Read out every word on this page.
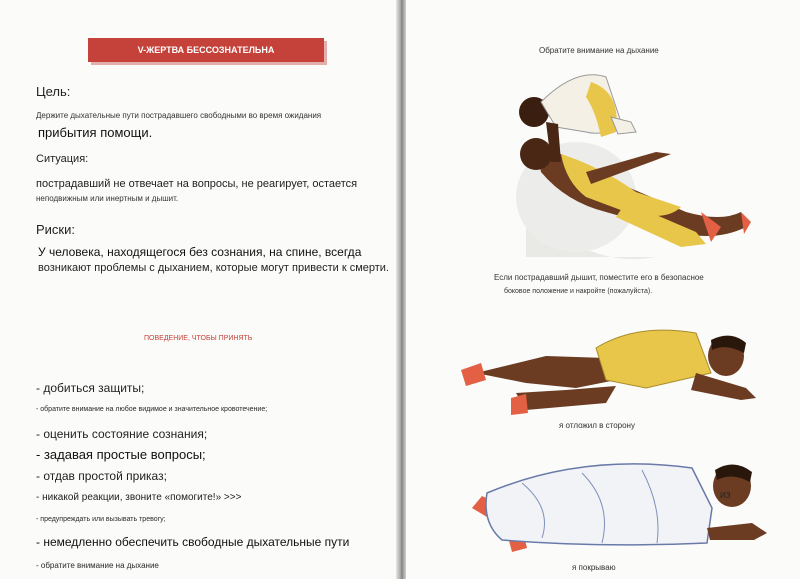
V-ЖЕРТВА БЕССОЗНАТЕЛЬНА
Цель:
Держите дыхательные пути пострадавшего свободными во время ожидания
прибытия помощи.
Ситуация:
пострадавший не отвечает на вопросы, не реагирует, остается
неподвижным или инертным и дышит.
Риски:
У человека, находящегося без сознания, на спине, всегда
возникают проблемы с дыханием, которые могут привести к смерти.
ПОВЕДЕНИЕ, ЧТОБЫ ПРИНЯТЬ
- добиться защиты;
- обратите внимание на любое видимое и значительное кровотечение;
- оценить состояние сознания;
- задавая простые вопросы;
- отдав простой приказ;
- никакой реакции, звоните «помогите!» >>>
- предупреждать или вызывать тревогу;
- немедленно обеспечить свободные дыхательные пути
- обратите внимание на дыхание
Обратите внимание на дыхание
Если пострадавший дышит, поместите его в безопасное
боковое положение и накройте (пожалуйста).
я отложил в сторону
ИЗ
я покрываю
